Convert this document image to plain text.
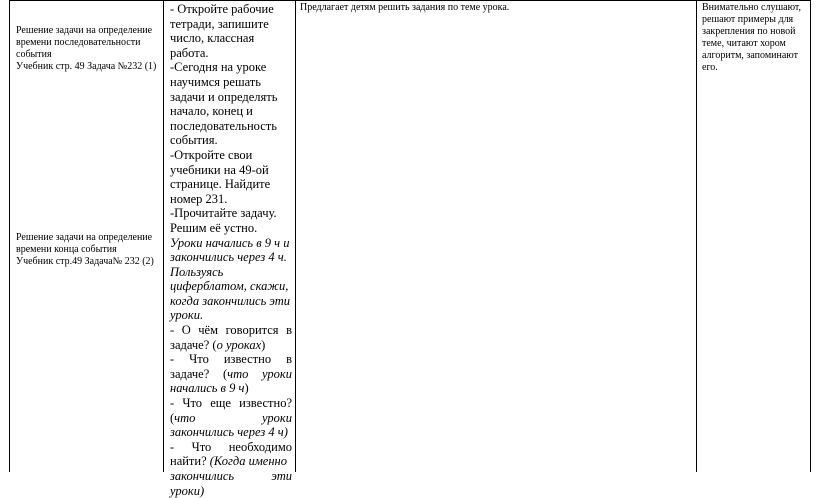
Решение задачи на определение
времени последовательности
события
Учебник стр. 49 Задача №232 (1)
Решение задачи на определение
времени конца события
Учебник стр.49 Задача№ 232 (2)
- Откройте рабочие
тетради, запишите
число, классная
работа.
-Сегодня на уроке
научимся решать
задачи и определять
начало, конец и
последовательность
события.
-Откройте свои
учебники на 49-ой
странице. Найдите
номер 231.
-Прочитайте задачу.
Решим её устно.
Уроки начались в 9 ч и
закончились через 4 ч.
Пользуясь
циферблатом, скажи,
когда закончились эти
уроки.
- О чём говорится в
задаче? (о уроках)
- Что известно в
задаче? (что уроки
начались в 9 ч)
- Что еще известно?
(что уроки
закончились через 4 ч)
- Что необходимо
найти? (Когда именно
закончились эти
уроки)
Предлагает детям решить задания по теме урока.	Внимательно слушают,
решают примеры для
закрепления по новой
теме, читают хором
алгоритм, запоминают
его.
